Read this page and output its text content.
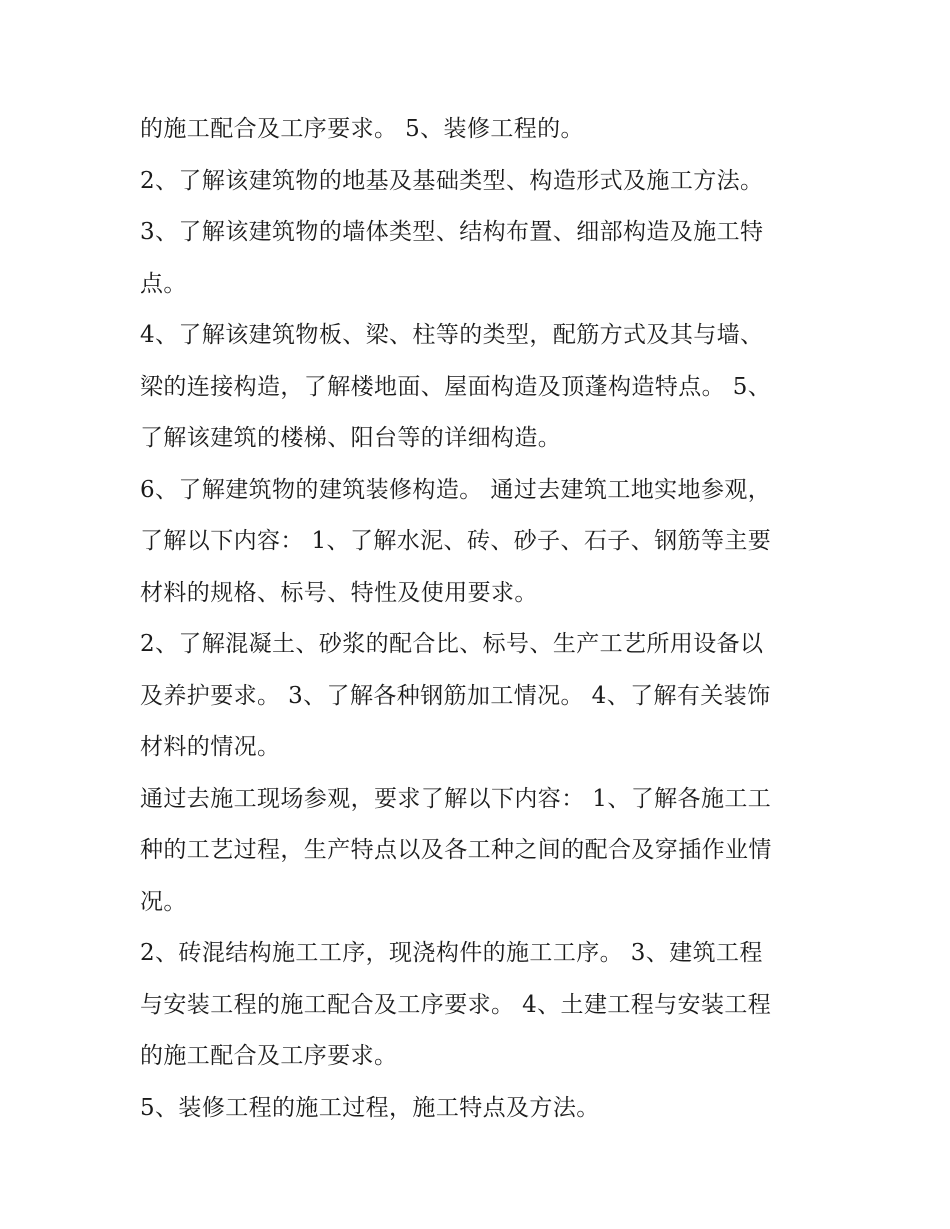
的施工配合及工序要求。 5、装修工程的。
2、了解该建筑物的地基及基础类型、构造形式及施工方法。
3、了解该建筑物的墙体类型、结构布置、细部构造及施工特
点。
4、了解该建筑物板、梁、柱等的类型，配筋方式及其与墙、
梁的连接构造，了解楼地面、屋面构造及顶蓬构造特点。 5、
了解该建筑的楼梯、阳台等的详细构造。
6、了解建筑物的建筑装修构造。 通过去建筑工地实地参观，
了解以下内容： 1、了解水泥、砖、砂子、石子、钢筋等主要
材料的规格、标号、特性及使用要求。
2、了解混凝土、砂浆的配合比、标号、生产工艺所用设备以
及养护要求。 3、了解各种钢筋加工情况。 4、了解有关装饰
材料的情况。
通过去施工现场参观，要求了解以下内容： 1、了解各施工工
种的工艺过程，生产特点以及各工种之间的配合及穿插作业情
况。
2、砖混结构施工工序，现浇构件的施工工序。 3、建筑工程
与安装工程的施工配合及工序要求。 4、土建工程与安装工程
的施工配合及工序要求。
5、装修工程的施工过程，施工特点及方法。
